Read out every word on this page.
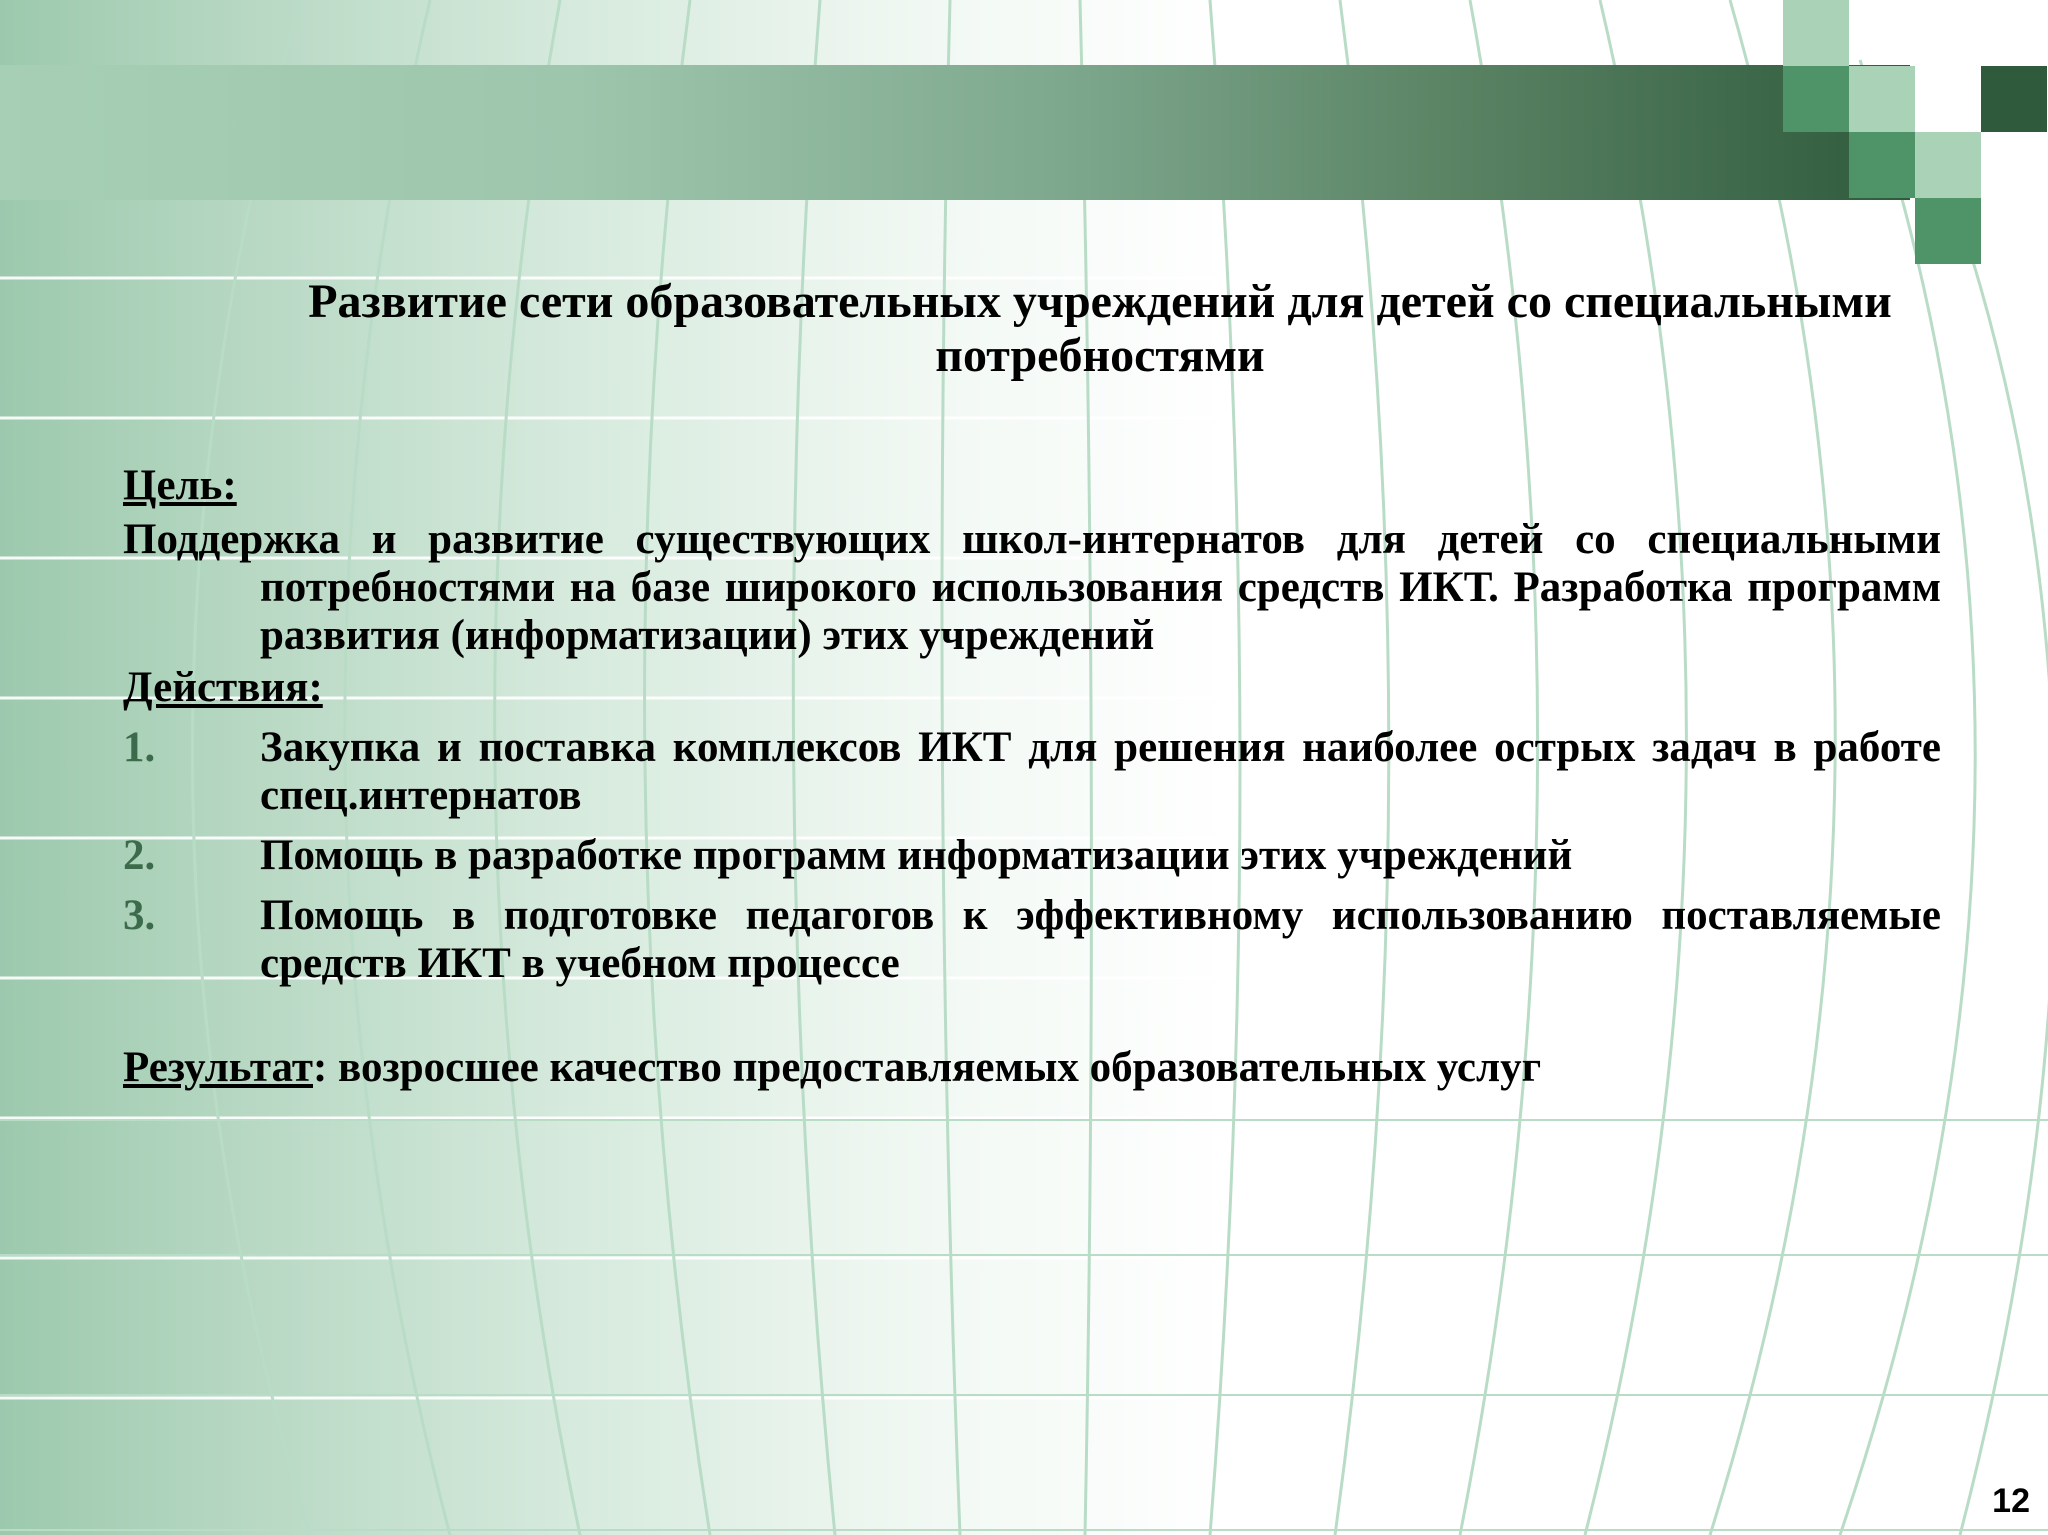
Развитие сети образовательных учреждений для детей со специальными потребностями
Цель:
Поддержка и развитие существующих школ-интернатов для детей со специальными потребностями на базе широкого использования средств ИКТ. Разработка программ развития (информатизации) этих учреждений
Действия:
1.	Закупка и поставка комплексов ИКТ для решения наиболее острых задач в работе спец.интернатов
2.	Помощь в разработке программ информатизации этих учреждений
3.	Помощь в подготовке педагогов к эффективному использованию поставляемые средств ИКТ в учебном процессе
Результат: возросшее качество предоставляемых образовательных услуг
12
